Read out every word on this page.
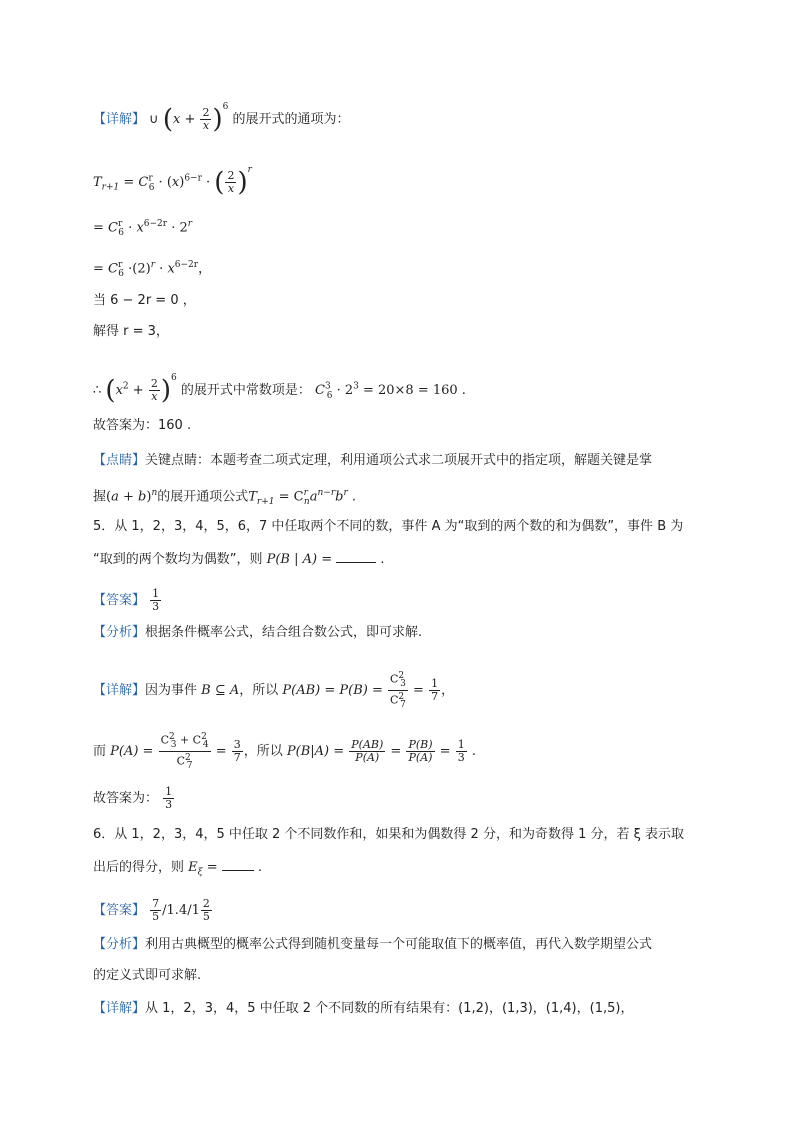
【详解】 ∪ $(x + \frac{2}{x} )^6$ 的展开式的通项为：
$T_{r+1} = C^r_6 \cdot (x)^{6-r}$ · ( $\frac{2}{x} )^r$
= $C^r_6 \cdot x^{6-2r} \cdot 2^r$
= $C^r_6 \cdot(2)^r \cdot x^{6-2r}$，
当 6 − 2r = 0 ，
解得 r = 3，
∴ $(x^2 + \frac{2}{x} )^6$ 的展开式中常数项是： $C^3_6 \cdot 2^3 = 20\times 8 = 160$ .
故答案为：160 .
【点睛】关键点睛：本题考查二项式定理，利用通项公式求二项展开式中的指定项，解题关键是掌
握$(a + b)^n$的展开通项公式$T_{r+1} = C^r_na^{n-r}b^r$ .
5．从 1，2，3，4，5，6，7 中任取两个不同的数，事件 A 为“取到的两个数的和为偶数”，事件 B 为
“取到的两个数均为偶数”，则 P(B | A) =	.
【答案】 $\frac{1}{3}$
【分析】根据条件概率公式，结合组合数公式，即可求解.
【详解】因为事件 B ⊆ A，所以 $P(AB) = P(B) = \frac{C^2_3}{C^2_7} = \frac{1}{7}$ ，
而 $P(A) = \frac{C^2_3 + C^2_4}{C^2_7} = \frac{3}{7}$ ，所以 $P(B|A) = \frac{P(AB)}{P(A)} = \frac{P(B)}{P(A)} = \frac{1}{3}$ .
故答案为： $\frac{1}{3}$
6．从 1，2，3，4，5 中任取 2 个不同数作和，如果和为偶数得 2 分，和为奇数得 1 分，若 ξ 表示取
出后的得分，则 $E_\xi$ =  .
【答案】 $\frac{7}{5} /1.4/1 \frac{2}{5}$
【分析】利用古典概型的概率公式得到随机变量每一个可能取值下的概率值，再代入数学期望公式
的定义式即可求解.
【详解】从 1，2，3，4，5 中任取 2 个不同数的所有结果有：(1,2)，(1,3)，(1,4)，(1,5)，
